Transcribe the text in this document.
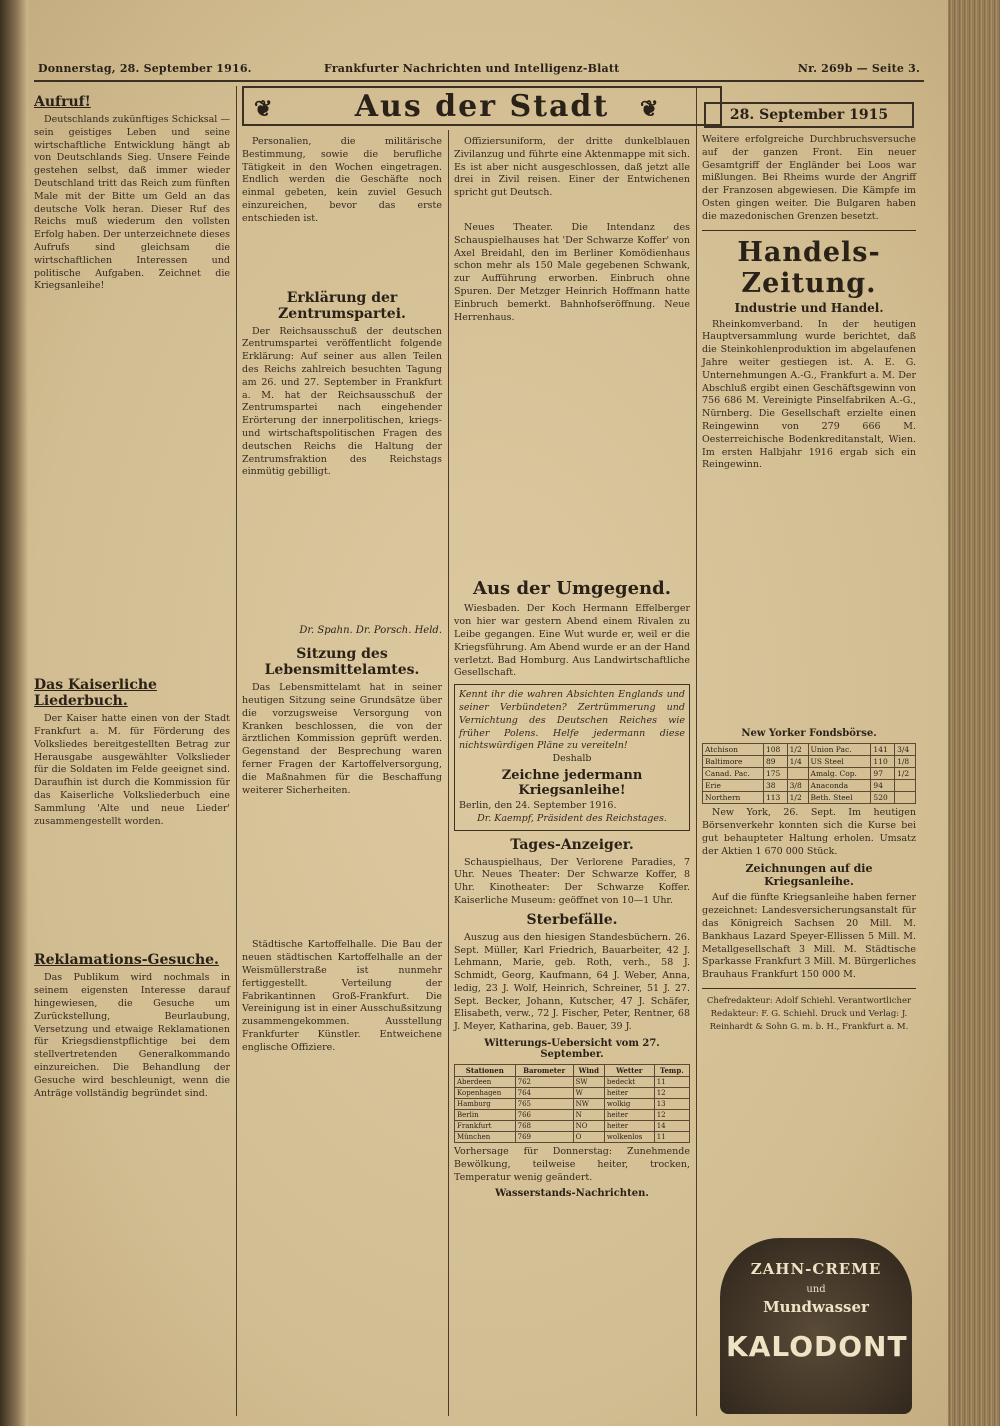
Donnerstag, 28. September 1916.	Frankfurter Nachrichten und Intelligenz-Blatt	Nr. 269b — Seite 3.
❦	Aus der Stadt	❦
Aufruf!

Deutschlands zukünftiges Schicksal — sein geistiges Leben und seine wirtschaftliche Entwicklung hängt ab von Deutschlands Sieg. Unsere Feinde gestehen selbst, daß immer wieder Deutschland tritt das Reich zum fünften Male mit der Bitte um Geld an das deutsche Volk heran. Dieser Ruf des Reichs muß wiederum den vollsten Erfolg haben. Der unterzeichnete dieses Aufrufs sind gleichsam die wirtschaftlichen Interessen und politische Aufgaben. Zeichnet die Kriegsanleihe!

Das Kaiserliche Liederbuch.

Der Kaiser hatte einen von der Stadt Frankfurt a. M. für Förderung des Volksliedes bereitgestellten Betrag zur Herausgabe ausgewählter Volkslieder für die Soldaten im Felde geeignet sind. Daraufhin ist durch die Kommission für das Kaiserliche Volksliederbuch eine Sammlung 'Alte und neue Lieder' zusammengestellt worden.

Reklamations-Gesuche.

Das Publikum wird nochmals in seinem eigensten Interesse darauf hingewiesen, die Gesuche um Zurückstellung, Beurlaubung, Versetzung und etwaige Reklamationen für Kriegsdienstpflichtige bei dem stellvertretenden Generalkommando einzureichen. Die Behandlung der Gesuche wird beschleunigt, wenn die Anträge vollständig begründet sind.

Personalien, die militärische Bestimmung, sowie die berufliche Tätigkeit in den Wochen eingetragen. Endlich werden die Geschäfte noch einmal gebeten, kein zuviel Gesuch einzureichen, bevor das erste entschieden ist.

Erklärung der Zentrumspartei.

Der Reichsausschuß der deutschen Zentrumspartei veröffentlicht folgende Erklärung: Auf seiner aus allen Teilen des Reichs zahlreich besuchten Tagung am 26. und 27. September in Frankfurt a. M. hat der Reichsausschuß der Zentrumspartei nach eingehender Erörterung der innerpolitischen, kriegs- und wirtschaftspolitischen Fragen des deutschen Reichs die Haltung der Zentrumsfraktion des Reichstags einmütig gebilligt.

Dr. Spahn. Dr. Porsch. Held.
Sitzung des Lebensmittelamtes.

Das Lebensmittelamt hat in seiner heutigen Sitzung seine Grundsätze über die vorzugsweise Versorgung von Kranken beschlossen, die von der ärztlichen Kommission geprüft werden. Gegenstand der Besprechung waren ferner Fragen der Kartoffelversorgung, die Maßnahmen für die Beschaffung weiterer Sicherheiten.

Städtische Kartoffelhalle. Die Bau der neuen städtischen Kartoffelhalle an der Weismüllerstraße ist nunmehr fertiggestellt. Verteilung der Fabrikantinnen Groß-Frankfurt. Die Vereinigung ist in einer Ausschußsitzung zusammengekommen. Ausstellung Frankfurter Künstler. Entweichene englische Offiziere.

Offiziersuniform, der dritte dunkelblauen Zivilanzug und führte eine Aktenmappe mit sich. Es ist aber nicht ausgeschlossen, daß jetzt alle drei in Zivil reisen. Einer der Entwichenen spricht gut Deutsch.

Neues Theater. Die Intendanz des Schauspielhauses hat 'Der Schwarze Koffer' von Axel Breidahl, den im Berliner Komödienhaus schon mehr als 150 Male gegebenen Schwank, zur Aufführung erworben. Einbruch ohne Spuren. Der Metzger Heinrich Hoffmann hatte Einbruch bemerkt. Bahnhofseröffnung. Neue Herrenhaus.

Aus der Umgegend.

Wiesbaden. Der Koch Hermann Effelberger von hier war gestern Abend einem Rivalen zu Leibe gegangen. Eine Wut wurde er, weil er die Kriegsführung. Am Abend wurde er an der Hand verletzt. Bad Homburg. Aus Landwirtschaftliche Gesellschaft.

Kennt ihr die wahren Absichten Englands und seiner Verbündeten? Zertrümmerung und Vernichtung des Deutschen Reiches wie früher Polens. Helfe jedermann diese nichtswürdigen Pläne zu vereiteln!
Deshalb
Zeichne jedermann Kriegsanleihe!
Berlin, den 24. September 1916.
Dr. Kaempf, Präsident des Reichstages.
Tages-Anzeiger.

Schauspielhaus, Der Verlorene Paradies, 7 Uhr. Neues Theater: Der Schwarze Koffer, 8 Uhr. Kinotheater: Der Schwarze Koffer. Kaiserliche Museum: geöffnet von 10—1 Uhr.

Sterbefälle.

Auszug aus den hiesigen Standesbüchern. 26. Sept. Müller, Karl Friedrich, Bauarbeiter, 42 J. Lehmann, Marie, geb. Roth, verh., 58 J. Schmidt, Georg, Kaufmann, 64 J. Weber, Anna, ledig, 23 J. Wolf, Heinrich, Schreiner, 51 J. 27. Sept. Becker, Johann, Kutscher, 47 J. Schäfer, Elisabeth, verw., 72 J. Fischer, Peter, Rentner, 68 J. Meyer, Katharina, geb. Bauer, 39 J.

Witterungs-Uebersicht vom 27. September.
Stationen	Barometer	Wind	Wetter	Temp.
Aberdeen	762	SW	bedeckt	11
Kopenhagen	764	W	heiter	12
Hamburg	765	NW	wolkig	13
Berlin	766	N	heiter	12
Frankfurt	768	NO	heiter	14
München	769	O	wolkenlos	11
Vorhersage für Donnerstag: Zunehmende Bewölkung, teilweise heiter, trocken, Temperatur wenig geändert.
Wasserstands-Nachrichten.
28. September 1915
Weitere erfolgreiche Durchbruchsversuche auf der ganzen Front. Ein neuer Gesamtgriff der Engländer bei Loos war mißlungen. Bei Rheims wurde der Angriff der Franzosen abgewiesen. Die Kämpfe im Osten gingen weiter. Die Bulgaren haben die mazedonischen Grenzen besetzt.
Handels-Zeitung.
Industrie und Handel.

Rheinkomverband. In der heutigen Hauptversammlung wurde berichtet, daß die Steinkohlenproduktion im abgelaufenen Jahre weiter gestiegen ist. A. E. G. Unternehmungen A.-G., Frankfurt a. M. Der Abschluß ergibt einen Geschäftsgewinn von 756 686 M. Vereinigte Pinselfabriken A.-G., Nürnberg. Die Gesellschaft erzielte einen Reingewinn von 279 666 M. Oesterreichische Bodenkreditanstalt, Wien. Im ersten Halbjahr 1916 ergab sich ein Reingewinn.

New Yorker Fondsbörse.
Atchison	108	1/2	Union Pac.	141	3/4
Baltimore	89	1/4	US Steel	110	1/8
Canad. Pac.	175		Amalg. Cop.	97	1/2
Erie	38	3/8	Anaconda	94	
Northern	113	1/2	Beth. Steel	520	

New York, 26. Sept. Im heutigen Börsenverkehr konnten sich die Kurse bei gut behaupteter Haltung erholen. Umsatz der Aktien 1 670 000 Stück.

Zeichnungen auf die Kriegsanleihe.

Auf die fünfte Kriegsanleihe haben ferner gezeichnet: Landesversicherungsanstalt für das Königreich Sachsen 20 Mill. M. Bankhaus Lazard Speyer-Ellissen 5 Mill. M. Metallgesellschaft 3 Mill. M. Städtische Sparkasse Frankfurt 3 Mill. M. Bürgerliches Brauhaus Frankfurt 150 000 M.

Chefredakteur: Adolf Schiehl. Verantwortlicher Redakteur: F. G. Schiehl. Druck und Verlag: J. Reinhardt & Sohn G. m. b. H., Frankfurt a. M.
ZAHN-CREME
und
Mundwasser
KALODONT
